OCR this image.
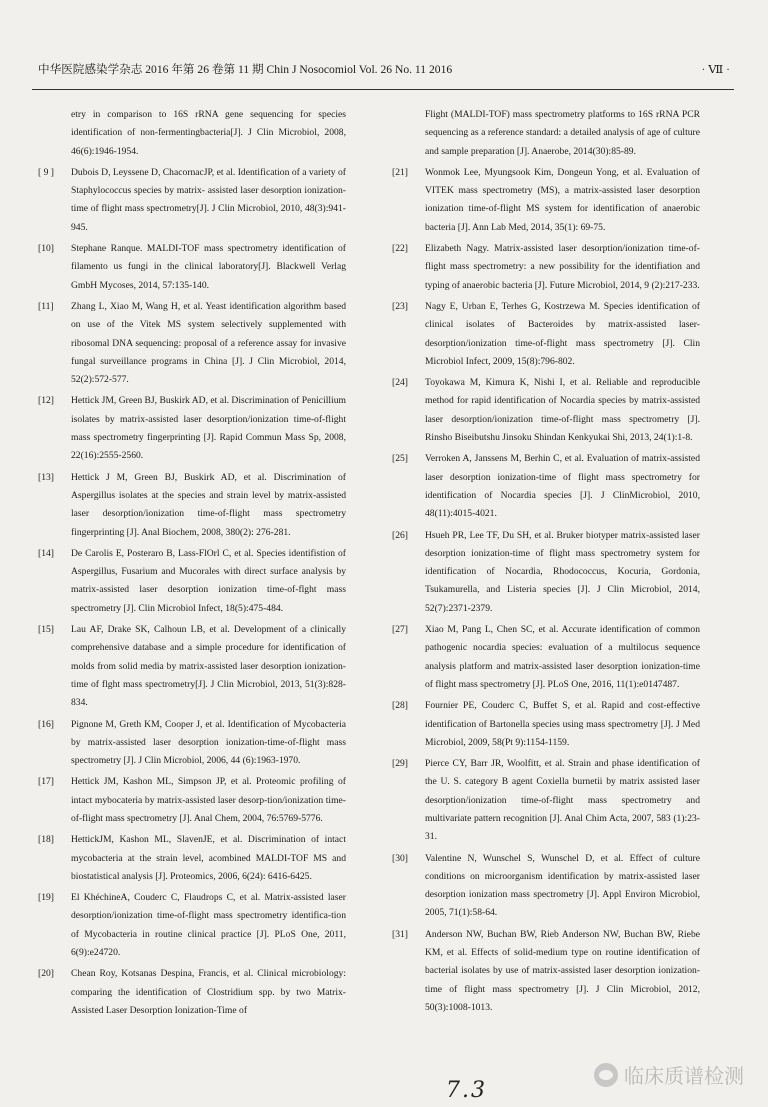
中华医院感染学杂志 2016 年第 26 卷第 11 期 Chin J Nosocomiol Vol. 26 No. 11 2016	· Ⅶ ·
etry in comparison to 16S rRNA gene sequencing for species identification of non-fermentingbacteria[J]. J Clin Microbiol, 2008, 46(6):1946-1954.
[ 9 ]	Dubois D, Leyssene D, ChacornacJP, et al. Identification of a variety of Staphylococcus species by matrix- assisted laser desorption ionization-time of flight mass spectrometry[J]. J Clin Microbiol, 2010, 48(3):941-945.
[10]	Stephane Ranque. MALDI-TOF mass spectrometry identification of filamento us fungi in the clinical laboratory[J]. Blackwell Verlag GmbH Mycoses, 2014, 57:135-140.
[11]	Zhang L, Xiao M, Wang H, et al. Yeast identification algorithm based on use of the Vitek MS system selectively supplemented with ribosomal DNA sequencing: proposal of a reference assay for invasive fungal surveillance programs in China [J]. J Clin Microbiol, 2014, 52(2):572-577.
[12]	Hettick JM, Green BJ, Buskirk AD, et al. Discrimination of Penicillium isolates by matrix-assisted laser desorption/ionization time-of-flight mass spectrometry fingerprinting [J]. Rapid Commun Mass Sp, 2008, 22(16):2555-2560.
[13]	Hettick J M, Green BJ, Buskirk AD, et al. Discrimination of Aspergillus isolates at the species and strain level by matrix-assisted laser desorption/ionization time-of-flight mass spectrometry fingerprinting [J]. Anal Biochem, 2008, 380(2): 276-281.
[14]	De Carolis E, Posteraro B, Lass-FlOrl C, et al. Species identifistion of Aspergillus, Fusarium and Mucorales with direct surface analysis by matrix-assisted laser desorption ionization time-of-flght mass spectrometry [J]. Clin Microbiol Infect, 18(5):475-484.
[15]	Lau AF, Drake SK, Calhoun LB, et al. Development of a clinically comprehensive database and a simple procedure for identification of molds from solid media by matrix-assisted laser desorption ionization-time of flght mass spectrometry[J]. J Clin Microbiol, 2013, 51(3):828-834.
[16]	Pignone M, Greth KM, Cooper J, et al. Identification of Mycobacteria by matrix-assisted laser desorption ionization-time-of-flight mass spectrometry [J]. J Clin Microbiol, 2006, 44 (6):1963-1970.
[17]	Hettick JM, Kashon ML, Simpson JP, et al. Proteomic profiling of intact mybocateria by matrix-assisted laser desorp-tion/ionization time-of-flight mass spectrometry [J]. Anal Chem, 2004, 76:5769-5776.
[18]	HettickJM, Kashon ML, SlavenJE, et al. Discrimination of intact mycobacteria at the strain level, acombined MALDI-TOF MS and biostatistical analysis [J]. Proteomics, 2006, 6(24): 6416-6425.
[19]	El KhéchineA, Couderc C, Flaudrops C, et al. Matrix-assisted laser desorption/ionization time-of-flight mass spectrometry identifica-tion of Mycobacteria in routine clinical practice [J]. PLoS One, 2011, 6(9):e24720.
[20]	Chean Roy, Kotsanas Despina, Francis, et al. Clinical microbiology: comparing the identification of Clostridium spp. by two Matrix-Assisted Laser Desorption Ionization-Time of
Flight (MALDI-TOF) mass spectrometry platforms to 16S rRNA PCR sequencing as a reference standard: a detailed analysis of age of culture and sample preparation [J]. Anaerobe, 2014(30):85-89.
[21]	Wonmok Lee, Myungsook Kim, Dongeun Yong, et al. Evaluation of VITEK mass spectrometry (MS), a matrix-assisted laser desorption ionization time-of-flight MS system for identification of anaerobic bacteria [J]. Ann Lab Med, 2014, 35(1): 69-75.
[22]	Elizabeth Nagy. Matrix-assisted laser desorption/ionization time-of-flight mass spectrometry: a new possibility for the identifiation and typing of anaerobic bacteria [J]. Future Microbiol, 2014, 9 (2):217-233.
[23]	Nagy E, Urban E, Terhes G, Kostrzewa M. Species identification of clinical isolates of Bacteroides by matrix-assisted laser-desorption/ionization time-of-flight mass spectrometry [J]. Clin Microbiol Infect, 2009, 15(8):796-802.
[24]	Toyokawa M, Kimura K, Nishi I, et al. Reliable and reproducible method for rapid identification of Nocardia species by matrix-assisted laser desorption/ionization time-of-flight mass spectrometry [J]. Rinsho Biseibutshu Jinsoku Shindan Kenkyukai Shi, 2013, 24(1):1-8.
[25]	Verroken A, Janssens M, Berhin C, et al. Evaluation of matrix-assisted laser desorption ionization-time of flight mass spectrometry for identification of Nocardia species [J]. J ClinMicrobiol, 2010, 48(11):4015-4021.
[26]	Hsueh PR, Lee TF, Du SH, et al. Bruker biotyper matrix-assisted laser desorption ionization-time of flight mass spectrometry system for identification of Nocardia, Rhodococcus, Kocuria, Gordonia, Tsukamurella, and Listeria species [J]. J Clin Microbiol, 2014, 52(7):2371-2379.
[27]	Xiao M, Pang L, Chen SC, et al. Accurate identification of common pathogenic nocardia species: evaluation of a multilocus sequence analysis platform and matrix-assisted laser desorption ionization-time of flight mass spectrometry [J]. PLoS One, 2016, 11(1):e0147487.
[28]	Fournier PE, Couderc C, Buffet S, et al. Rapid and cost-effective identification of Bartonella species using mass spectrometry [J]. J Med Microbiol, 2009, 58(Pt 9):1154-1159.
[29]	Pierce CY, Barr JR, Woolfitt, et al. Strain and phase identification of the U. S. category B agent Coxiella burnetii by matrix assisted laser desorption/ionization time-of-flight mass spectrometry and multivariate pattern recognition [J]. Anal Chim Acta, 2007, 583 (1):23-31.
[30]	Valentine N, Wunschel S, Wunschel D, et al. Effect of culture conditions on microorganism identification by matrix-assisted laser desorption ionization mass spectrometry [J]. Appl Environ Microbiol, 2005, 71(1):58-64.
[31]	Anderson NW, Buchan BW, Rieb Anderson NW, Buchan BW, Riebe KM, et al. Effects of solid-medium type on routine identification of bacterial isolates by use of matrix-assisted laser desorption ionization-time of flight mass spectrometry [J]. J Clin Microbiol, 2012, 50(3):1008-1013.
7.3
临床质谱检测
